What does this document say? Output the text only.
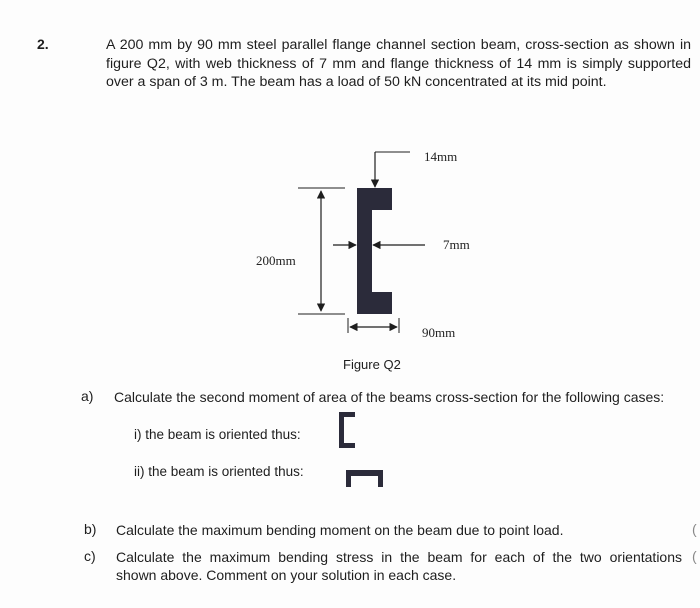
2.	A 200 mm by 90 mm steel parallel flange channel section beam, cross-section as shown in figure Q2, with web thickness of 7 mm and flange thickness of 14 mm is simply supported over a span of 3 m. The beam has a load of 50 kN concentrated at its mid point.
14mm
7mm
200mm
90mm
Figure Q2
a) Calculate the second moment of area of the beams cross-section for the following cases:
i) the beam is oriented thus:
ii) the beam is oriented thus:
b) Calculate the maximum bending moment on the beam due to point load.
c) Calculate the maximum bending stress in the beam for each of the two orientations
shown above. Comment on your solution in each case.
(
(
